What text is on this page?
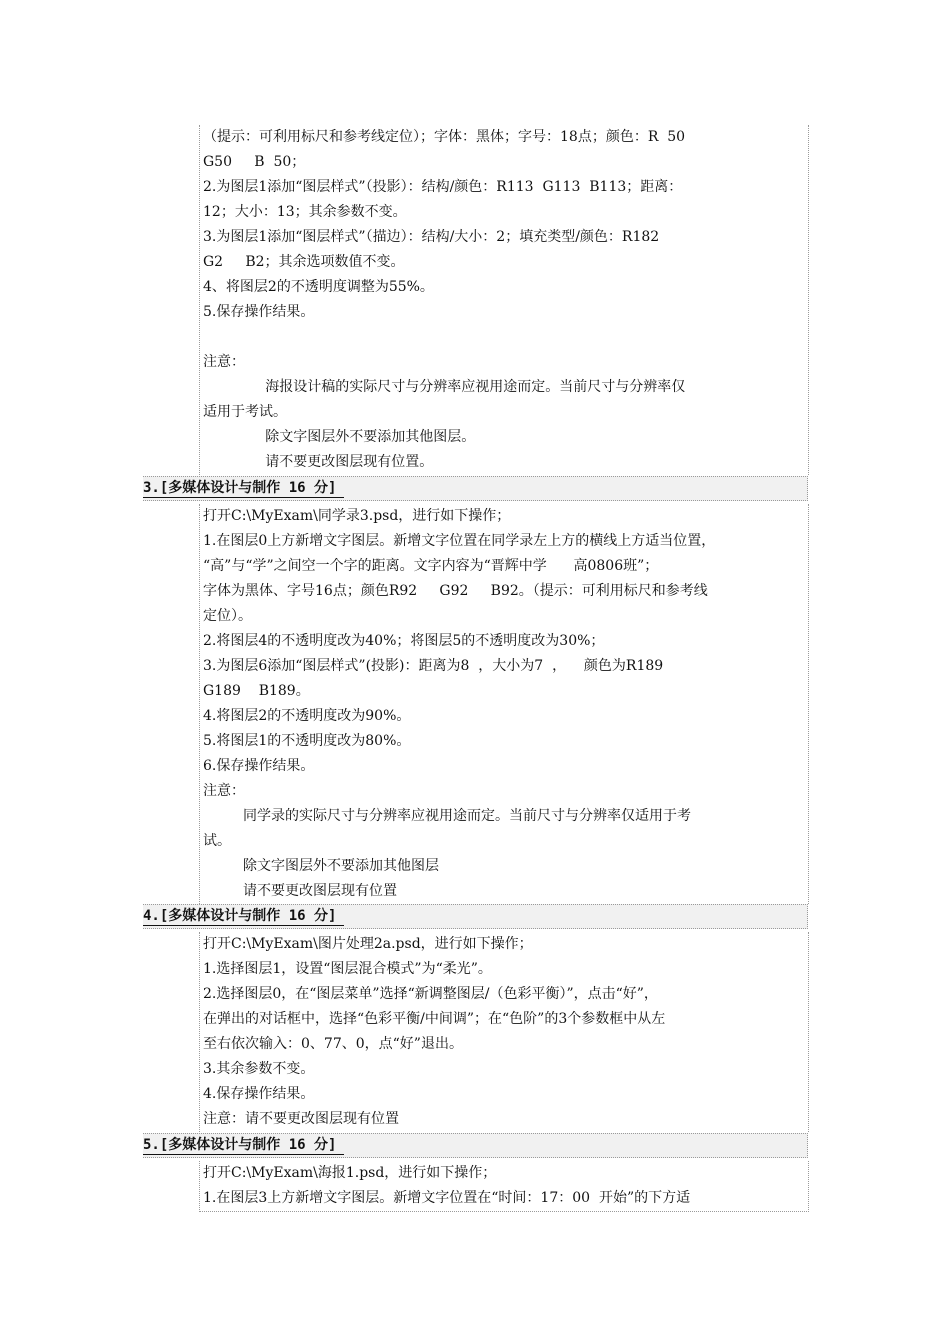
（提示：可利用标尺和参考线定位）；字体：黑体；字号：18点；颜色：R  50
G50     B  50；
2.为图层1添加“图层样式”（投影）：结构/颜色：R113  G113  B113；距离：
12；大小：13；其余参数不变。
3.为图层1添加“图层样式”（描边）：结构/大小：2；填充类型/颜色：R182
G2     B2；其余选项数值不变。
4、将图层2的不透明度调整为55%。
5.保存操作结果。
注意：
海报设计稿的实际尺寸与分辨率应视用途而定。当前尺寸与分辨率仅
适用于考试。
除文字图层外不要添加其他图层。
请不要更改图层现有位置。
3.[多媒体设计与制作 16 分]
打开C:\MyExam\同学录3.psd，进行如下操作；
1.在图层0上方新增文字图层。新增文字位置在同学录左上方的横线上方适当位置，
“高”与“学”之间空一个字的距离。文字内容为“晋辉中学      高0806班”；
字体为黑体、字号16点；颜色R92     G92     B92。（提示：可利用标尺和参考线
定位）。
2.将图层4的不透明度改为40%；将图层5的不透明度改为30%；
3.为图层6添加“图层样式”(投影)：距离为8  ，大小为7  ，    颜色为R189
G189    B189。
4.将图层2的不透明度改为90%。
5.将图层1的不透明度改为80%。
6.保存操作结果。
注意：
同学录的实际尺寸与分辨率应视用途而定。当前尺寸与分辨率仅适用于考
试。
除文字图层外不要添加其他图层
请不要更改图层现有位置
4.[多媒体设计与制作 16 分]
打开C:\MyExam\图片处理2a.psd，进行如下操作；
1.选择图层1，设置“图层混合模式”为“柔光”。
2.选择图层0，在“图层菜单”选择“新调整图层/（色彩平衡）”，点击“好”，
在弹出的对话框中，选择“色彩平衡/中间调”；在“色阶”的3个参数框中从左
至右依次输入：0、77、0，点“好”退出。
3.其余参数不变。
4.保存操作结果。
注意：请不要更改图层现有位置
5.[多媒体设计与制作 16 分]
打开C:\MyExam\海报1.psd，进行如下操作；
1.在图层3上方新增文字图层。新增文字位置在“时间：17：00  开始”的下方适
